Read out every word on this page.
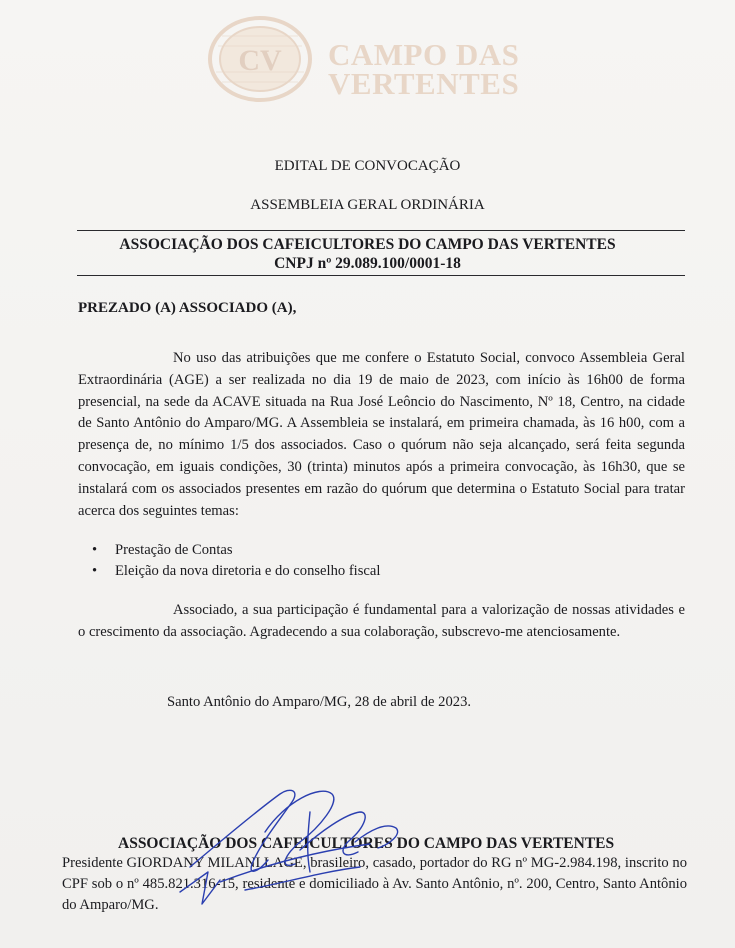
CV CAMPO DAS
VERTENTES
EDITAL DE CONVOCAÇÃO
ASSEMBLEIA GERAL ORDINÁRIA
ASSOCIAÇÃO DOS CAFEICULTORES DO CAMPO DAS VERTENTES
CNPJ nº 29.089.100/0001-18
PREZADO (A) ASSOCIADO (A),

No uso das atribuições que me confere o Estatuto Social, convoco Assembleia Geral Extraordinária (AGE) a ser realizada no dia 19 de maio de 2023, com início às 16h00 de forma presencial, na sede da ACAVE situada na Rua José Leôncio do Nascimento, Nº 18, Centro, na cidade de Santo Antônio do Amparo/MG. A Assembleia se instalará, em primeira chamada, às 16 h00, com a presença de, no mínimo 1/5 dos associados. Caso o quórum não seja alcançado, será feita segunda convocação, em iguais condições, 30 (trinta) minutos após a primeira convocação, às 16h30, que se instalará com os associados presentes em razão do quórum que determina o Estatuto Social para tratar acerca dos seguintes temas:

• Prestação de Contas
• Eleição da nova diretoria e do conselho fiscal

Associado, a sua participação é fundamental para a valorização de nossas atividades e o crescimento da associação. Agradecendo a sua colaboração, subscrevo-me atenciosamente.

Santo Antônio do Amparo/MG, 28 de abril de 2023.
ASSOCIAÇÃO DOS CAFEICULTORES DO CAMPO DAS VERTENTES

Presidente GIORDANY MILANI LAGE, brasileiro, casado, portador do RG nº MG-2.984.198, inscrito no CPF sob o nº 485.821.316-15, residente e domiciliado à Av. Santo Antônio, nº. 200, Centro, Santo Antônio do Amparo/MG.
